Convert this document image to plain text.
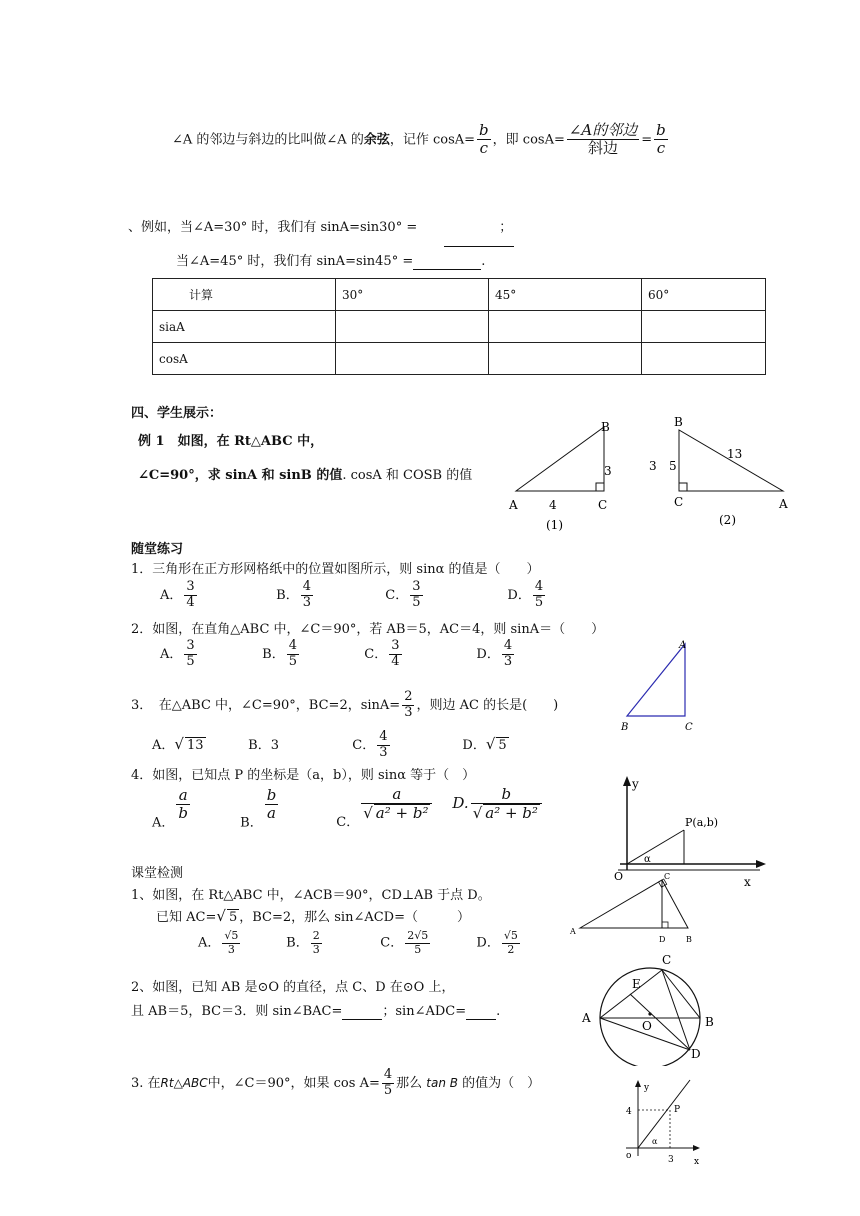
∠A 的邻边与斜边的比叫做∠A 的余弦，记作 $\cos A= \frac{b}{c}$ ，即 $\cos A= \frac{\text{∠A的邻边}}{\text{斜边}} = \frac{b}{c}$
、例如，当∠A=30° 时，我们有 sinA=sin30° =	；
当∠A=45° 时，我们有 sinA=sin45° =	.
计算	30°	45°	60°
siaA			
cosA			
四、学生展示：
例 1　如图，在 Rt△ABC 中，
∠C=90°，求 sinA 和 sinB 的值. cosA 和 COSB 的值
B
3
A	C
4
(1)
B
13
3 5
C	A
(2)
随堂练习
1．三角形在正方形网格纸中的位置如图所示，则 sinα 的值是（　　）
A． $\frac{3}{4}$	B． $\frac{4}{3}$	C． $\frac{3}{5}$	D． $\frac{4}{5}$
2．如图，在直角△ABC 中，∠C＝90°，若 AB＝5，AC＝4，则 sinA＝（　　）
A． $\frac{3}{5}$	B． $\frac{4}{5}$	C． $\frac{3}{4}$	D． $\frac{4}{3}$	A
B	C
3．　在△ABC 中，∠C=90°，BC=2，$\sin A= \frac{2}{3}$ ，则边 AC 的长是(　　)
A．√ 13	B．3	C． $\frac{4}{3}$	D．√ 5
4．如图，已知点 P 的坐标是（a，b），则 sinα 等于（　）
A．
$\frac{a}{b}$
B．
$\frac{b}{a}$
C． $\frac{a}{\text{√ a² + b²}} D$. $\frac{b}{\text{√ a² + b²}}$
y
x
O
P(a,b)
α
课堂检测
1、如图，在 Rt△ABC 中，∠ACB＝90°，CD⊥AB 于点 D。
已知 AC=√ 5 ，BC=2，那么 sin∠ACD=（　　　）
A． $\frac{√5}{3}$	B． $\frac{2}{3}$	C． $\frac{2√5}{5}$	D． $\frac{√5}{2}$	A
C
D	B
2、如图，已知 AB 是⊙O 的直径，点 C、D 在⊙O 上，
且 AB＝5，BC＝3．则 sin∠BAC=	；sin∠ADC= .	A
C
E
O	B
D
3. 在Rt△ABC中，∠C＝90°，如果 $\cos A= \frac{4}{5}$ 那么 tan B 的值为（　）	y
x
o
4
3
P
α
